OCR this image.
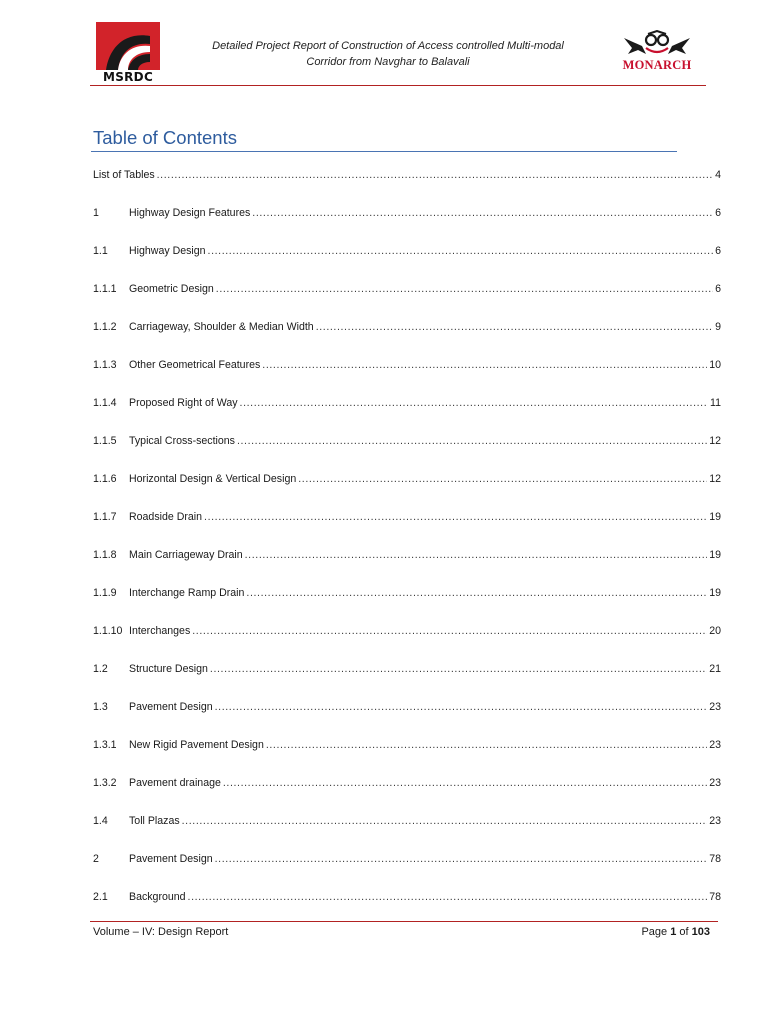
MSRDC
Detailed Project Report of Construction of Access controlled Multi-modal
Corridor from Navghar to Balavali	MONARCH
Table of Contents
List of Tables .....	4
1	Highway Design Features .....	6
1.1	Highway Design .....	6
1.1.1	Geometric Design .....	6
1.1.2	Carriageway, Shoulder & Median Width .....	9
1.1.3	Other Geometrical Features .....	10
1.1.4	Proposed Right of Way .....	11
1.1.5	Typical Cross-sections .....	12
1.1.6	Horizontal Design & Vertical Design .....	12
1.1.7	Roadside Drain .....	19
1.1.8	Main Carriageway Drain .....	19
1.1.9	Interchange Ramp Drain .....	19
1.1.10 Interchanges .....	20
1.2	Structure Design .....	21
1.3	Pavement Design .....	23
1.3.1	New Rigid Pavement Design .....	23
1.3.2	Pavement drainage .....	23
1.4	Toll Plazas .....	23
2	Pavement Design .....	78
2.1	Background .....	78
Volume – IV: Design Report	Page 1 of 103
